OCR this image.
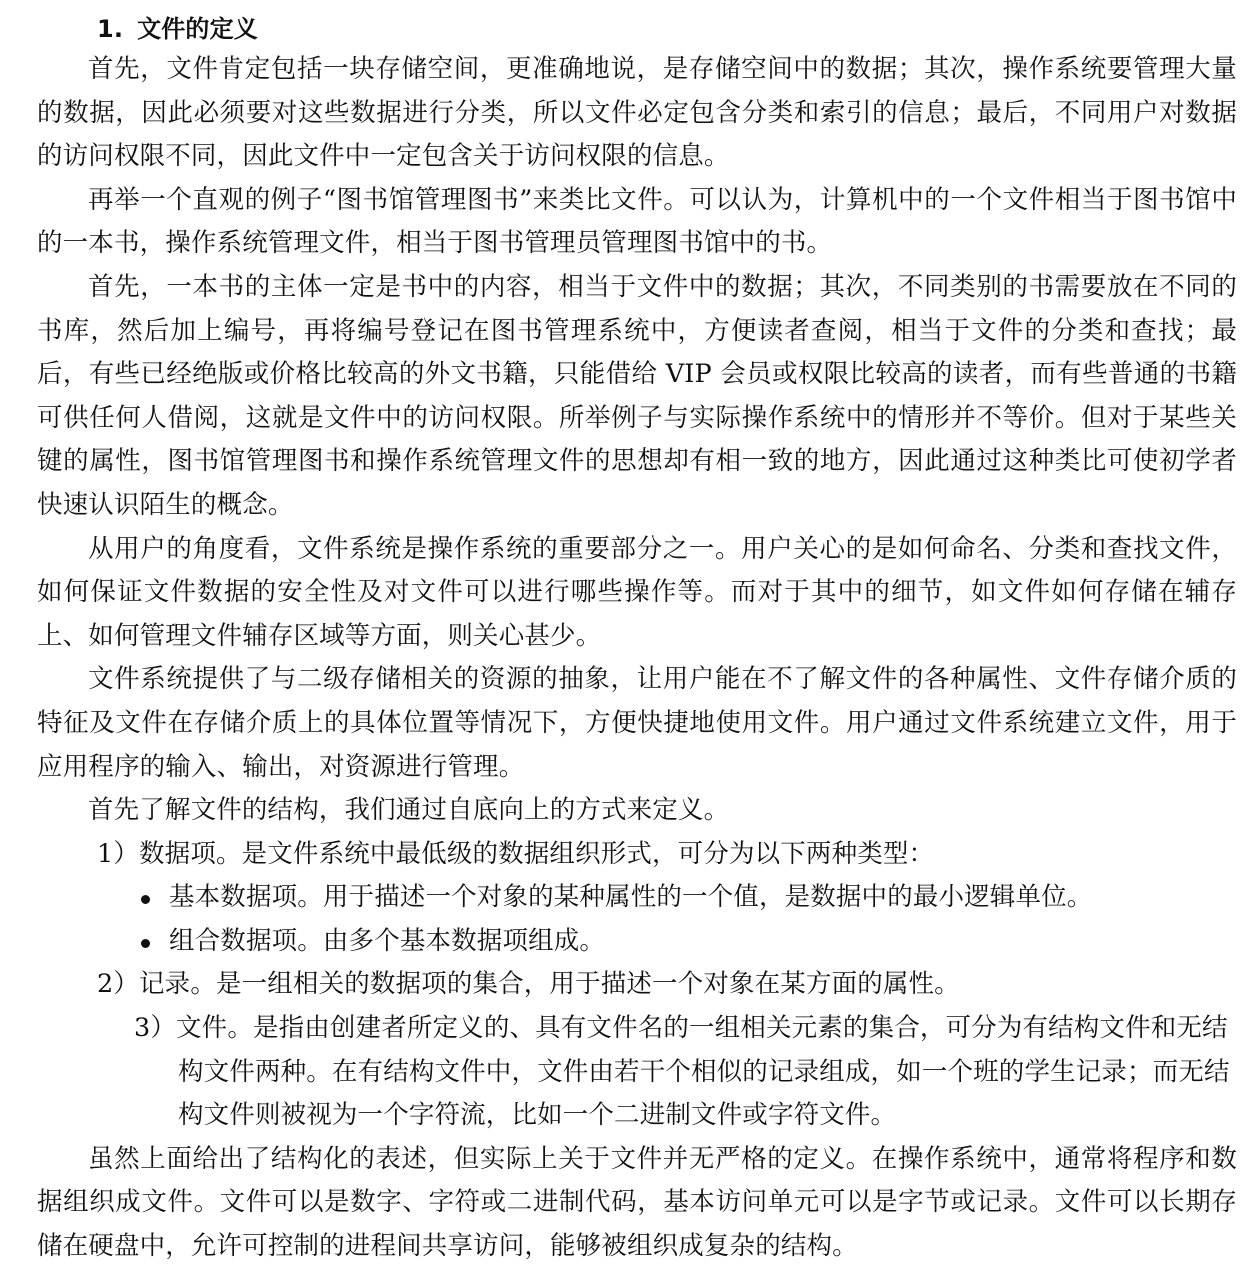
1. 文件的定义

首先，文件肯定包括一块存储空间，更准确地说，是存储空间中的数据；其次，操作系统要管理大量的数据，因此必须要对这些数据进行分类，所以文件必定包含分类和索引的信息；最后，不同用户对数据的访问权限不同，因此文件中一定包含关于访问权限的信息。

再举一个直观的例子“图书馆管理图书”来类比文件。可以认为，计算机中的一个文件相当于图书馆中的一本书，操作系统管理文件，相当于图书管理员管理图书馆中的书。

首先，一本书的主体一定是书中的内容，相当于文件中的数据；其次，不同类别的书需要放在不同的书库，然后加上编号，再将编号登记在图书管理系统中，方便读者查阅，相当于文件的分类和查找；最后，有些已经绝版或价格比较高的外文书籍，只能借给 VIP 会员或权限比较高的读者，而有些普通的书籍可供任何人借阅，这就是文件中的访问权限。所举例子与实际操作系统中的情形并不等价。但对于某些关键的属性，图书馆管理图书和操作系统管理文件的思想却有相一致的地方，因此通过这种类比可使初学者快速认识陌生的概念。

从用户的角度看，文件系统是操作系统的重要部分之一。用户关心的是如何命名、分类和查找文件，如何保证文件数据的安全性及对文件可以进行哪些操作等。而对于其中的细节，如文件如何存储在辅存上、如何管理文件辅存区域等方面，则关心甚少。

文件系统提供了与二级存储相关的资源的抽象，让用户能在不了解文件的各种属性、文件存储介质的特征及文件在存储介质上的具体位置等情况下，方便快捷地使用文件。用户通过文件系统建立文件，用于应用程序的输入、输出，对资源进行管理。

首先了解文件的结构，我们通过自底向上的方式来定义。

1）数据项。是文件系统中最低级的数据组织形式，可分为以下两种类型：
基本数据项。用于描述一个对象的某种属性的一个值，是数据中的最小逻辑单位。
组合数据项。由多个基本数据项组成。
2）记录。是一组相关的数据项的集合，用于描述一个对象在某方面的属性。
3）文件。是指由创建者所定义的、具有文件名的一组相关元素的集合，可分为有结构文件和无结构文件两种。在有结构文件中，文件由若干个相似的记录组成，如一个班的学生记录；而无结构文件则被视为一个字符流，比如一个二进制文件或字符文件。

虽然上面给出了结构化的表述，但实际上关于文件并无严格的定义。在操作系统中，通常将程序和数据组织成文件。文件可以是数字、字符或二进制代码，基本访问单元可以是字节或记录。文件可以长期存储在硬盘中，允许可控制的进程间共享访问，能够被组织成复杂的结构。
